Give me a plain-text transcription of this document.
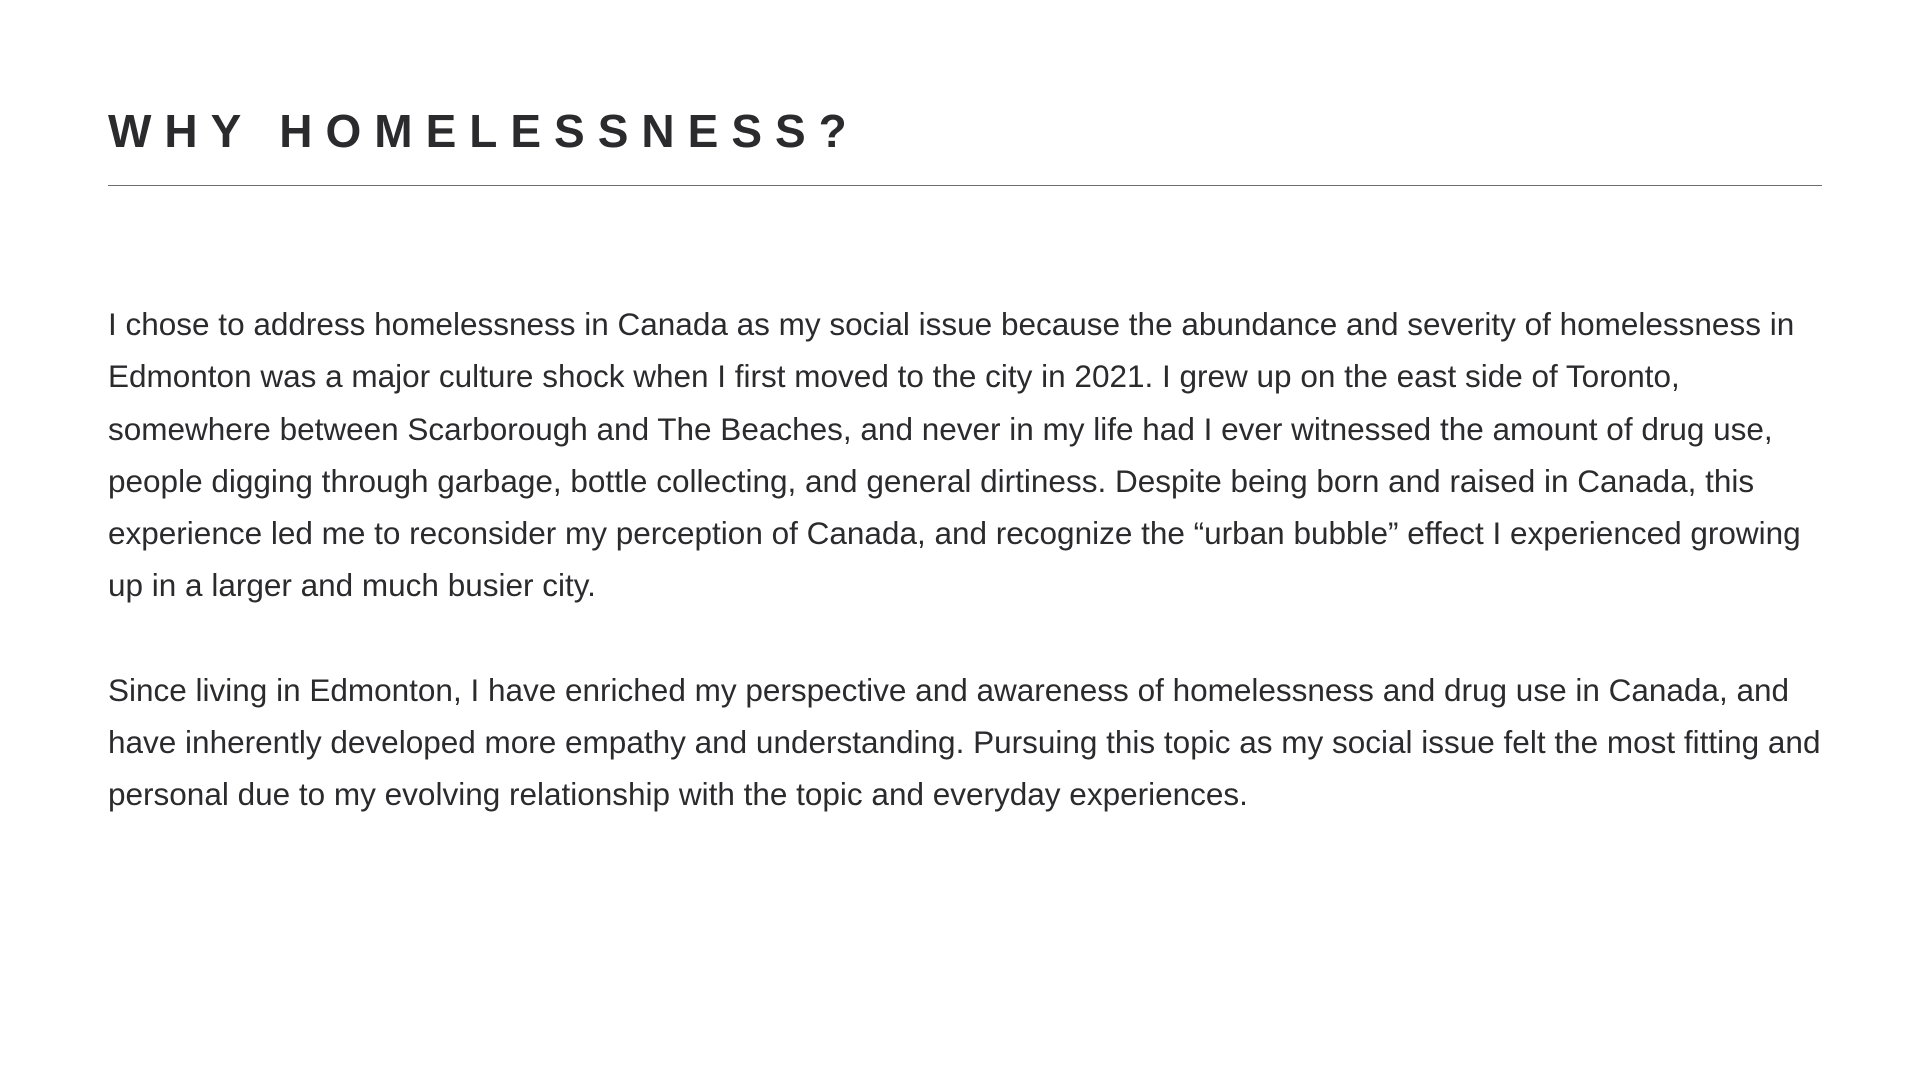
WHY HOMELESSNESS?

I chose to address homelessness in Canada as my social issue because the abundance and severity of homelessness in Edmonton was a major culture shock when I first moved to the city in 2021. I grew up on the east side of Toronto, somewhere between Scarborough and The Beaches, and never in my life had I ever witnessed the amount of drug use, people digging through garbage, bottle collecting, and general dirtiness. Despite being born and raised in Canada, this experience led me to reconsider my perception of Canada, and recognize the “urban bubble” effect I experienced growing up in a larger and much busier city.

Since living in Edmonton, I have enriched my perspective and awareness of homelessness and drug use in Canada, and have inherently developed more empathy and understanding. Pursuing this topic as my social issue felt the most fitting and personal due to my evolving relationship with the topic and everyday experiences.
